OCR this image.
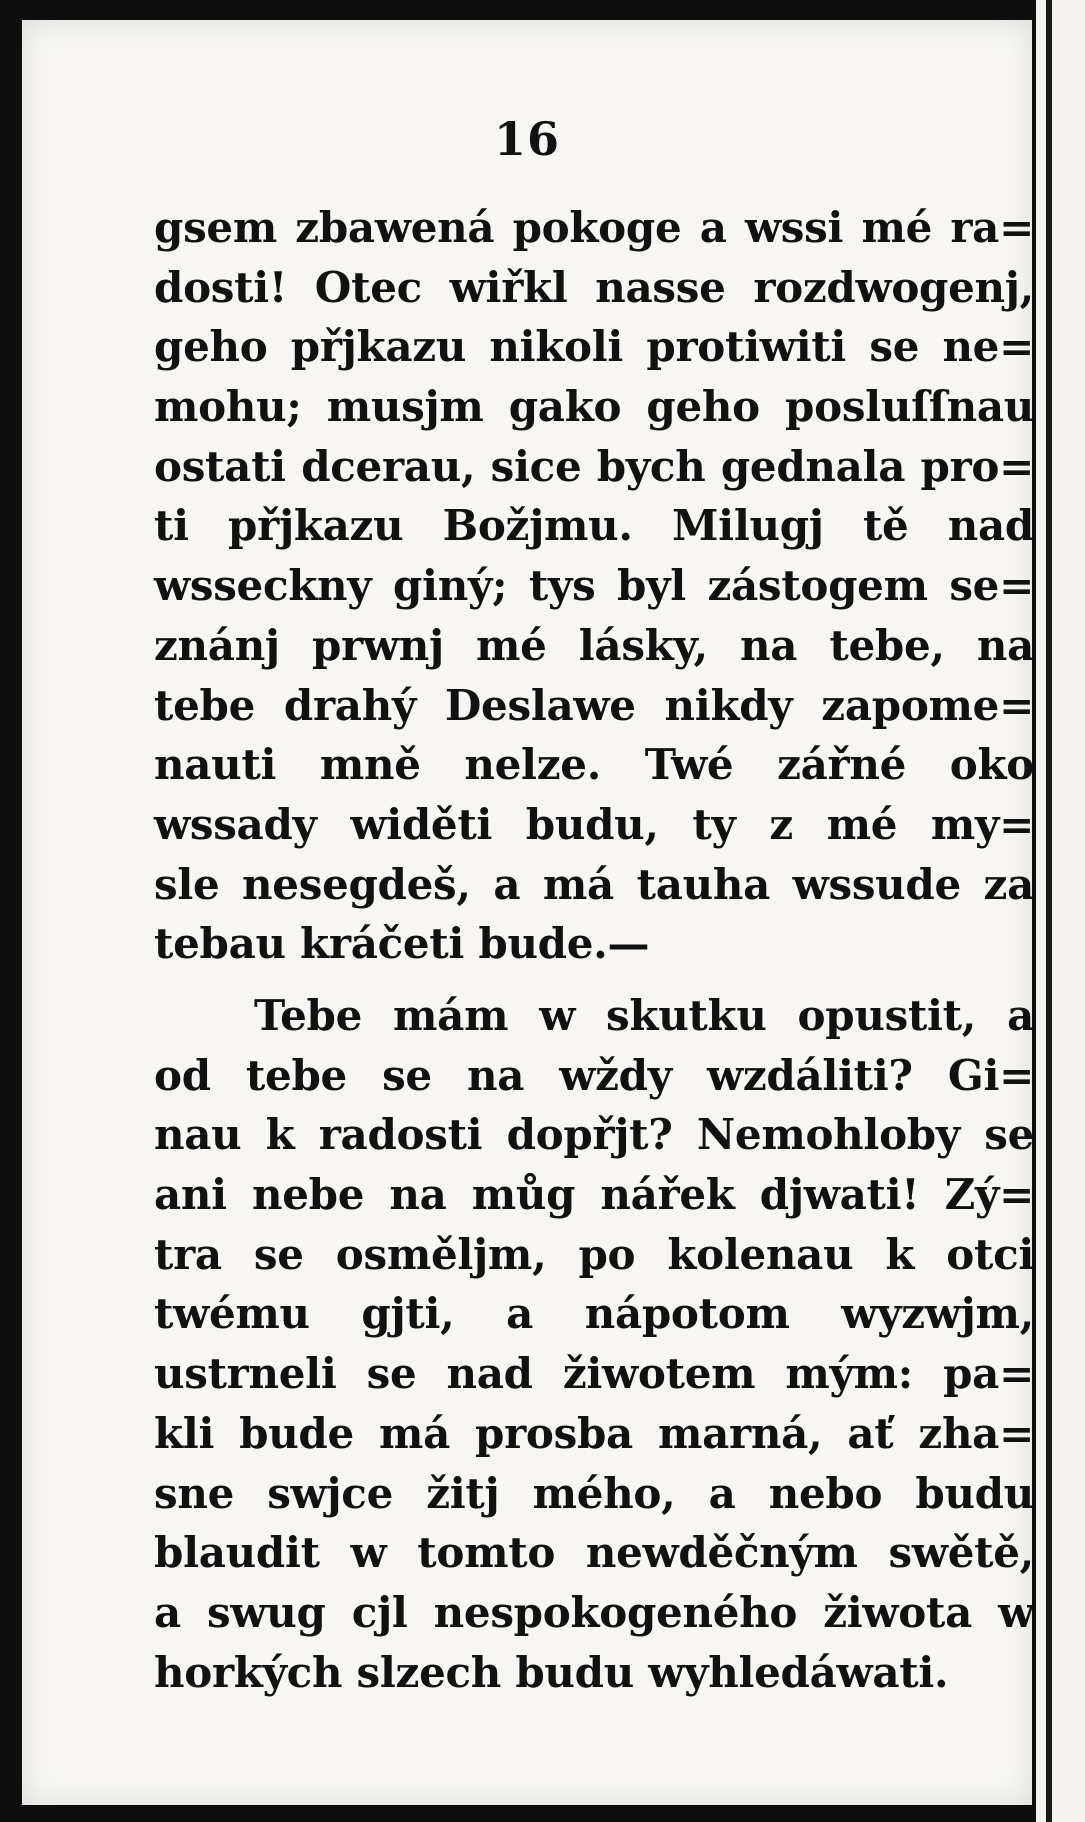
16
gsem zbawená pokoge a wssi mé ra=
dosti! Otec wiřkl nasse rozdwogenj,
geho přjkazu nikoli protiwiti se ne=
mohu; musjm gako geho posluſſnau
ostati dcerau, sice bych gednala pro=
ti přjkazu Božjmu. Milugj tě nad
wsseckny giný; tys byl zástogem se=
znánj prwnj mé lásky, na tebe, na
tebe drahý Deslawe nikdy zapome=
nauti mně nelze. Twé zářné oko
wssady widěti budu, ty z mé my=
sle nesegdeš, a má tauha wssude za
tebau kráčeti bude.—
Tebe mám w skutku opustit, a
od tebe se na wždy wzdáliti? Gi=
nau k radosti dopřjt? Nemohloby se
ani nebe na můg nářek djwati! Zý=
tra se osměljm, po kolenau k otci
twému gjti, a nápotom wyzwjm,
ustrneli se nad žiwotem mým: pa=
kli bude má prosba marná, ať zha=
sne swjce žitj mého, a nebo budu
blaudit w tomto newděčným swětě,
a swug cjl nespokogeného žiwota w
horkých slzech budu wyhledáwati.
